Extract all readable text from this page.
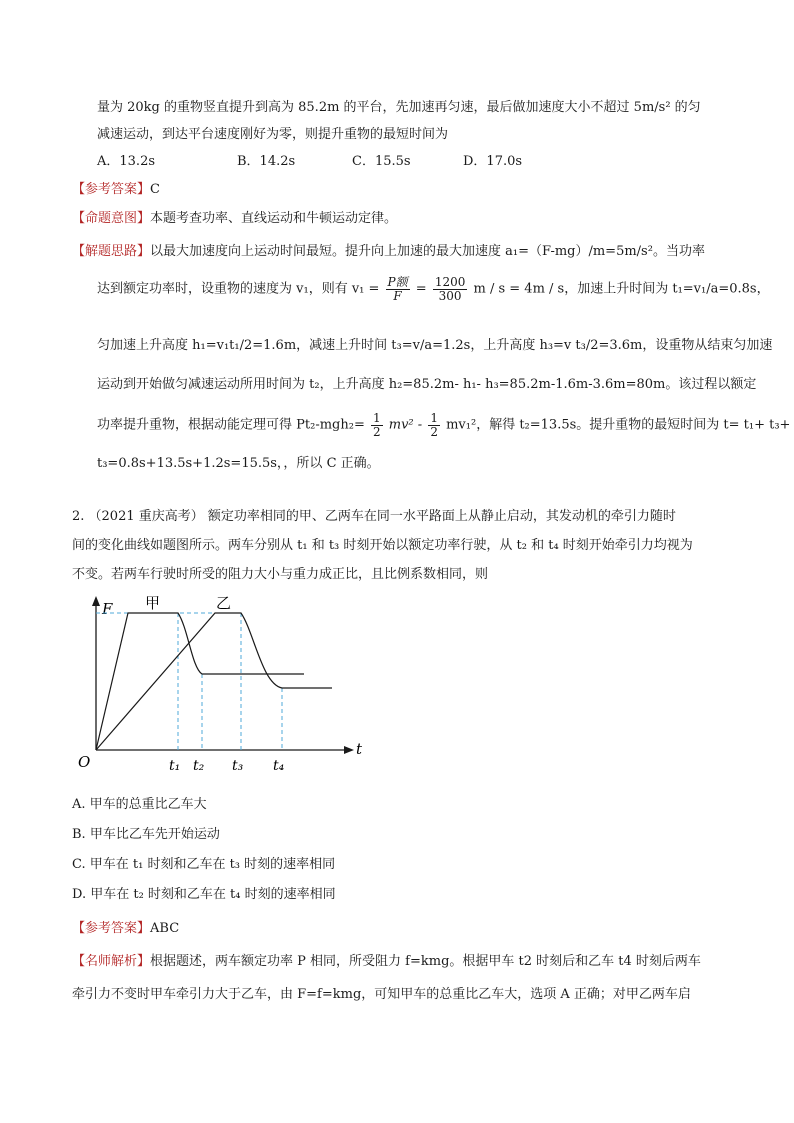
量为 20kg 的重物竖直提升到高为 85.2m 的平台，先加速再匀速，最后做加速度大小不超过 5m/s² 的匀
减速运动，到达平台速度刚好为零，则提升重物的最短时间为
A．13.2s	B．14.2s	C．15.5s	D．17.0s
【参考答案】C
【命题意图】本题考查功率、直线运动和牛顿运动定律。
【解题思路】以最大加速度向上运动时间最短。提升向上加速的最大加速度 a₁=（F-mg）/m=5m/s²。当功率
达到额定功率时，设重物的速度为 v₁，则有 $v_1 = \frac{\text{P额}}{F} = \frac{1200}{300}$ m / s = 4m / s，加速上升时间为 t₁=v₁/a=0.8s，
匀加速上升高度 h₁=v₁t₁/2=1.6m，减速上升时间 t₃=v/a=1.2s，上升高度 h₃=v t₃/2=3.6m，设重物从结束匀加速
运动到开始做匀减速运动所用时间为 t₂，上升高度 h₂=85.2m- h₁- h₃=85.2m-1.6m-3.6m=80m。该过程以额定
功率提升重物，根据动能定理可得 $Pt_2-mgh_2= \frac{1}{2} mv^2 - \frac{1}{2} mv_1^2$，解得 t₂=13.5s。提升重物的最短时间为 t= t₁+ t₃+
t₃=0.8s+13.5s+1.2s=15.5s，，所以 C 正确。
2. （2021 重庆高考） 额定功率相同的甲、乙两车在同一水平路面上从静止启动，其发动机的牵引力随时
间的变化曲线如题图所示。两车分别从 t₁ 和 t₃ 时刻开始以额定功率行驶，从 t₂ 和 t₄ 时刻开始牵引力均视为
不变。若两车行驶时所受的阻力大小与重力成正比，且比例系数相同，则
F
t
O
甲	乙
t₁ t₂ t₃ t₄
A. 甲车的总重比乙车大
B. 甲车比乙车先开始运动
C. 甲车在 t₁ 时刻和乙车在 t₃ 时刻的速率相同
D. 甲车在 t₂ 时刻和乙车在 t₄ 时刻的速率相同
【参考答案】ABC
【名师解析】根据题述，两车额定功率 P 相同，所受阻力 f=kmg。根据甲车 t2 时刻后和乙车 t4 时刻后两车
牵引力不变时甲车牵引力大于乙车，由 F=f=kmg，可知甲车的总重比乙车大，选项 A 正确；对甲乙两车启
